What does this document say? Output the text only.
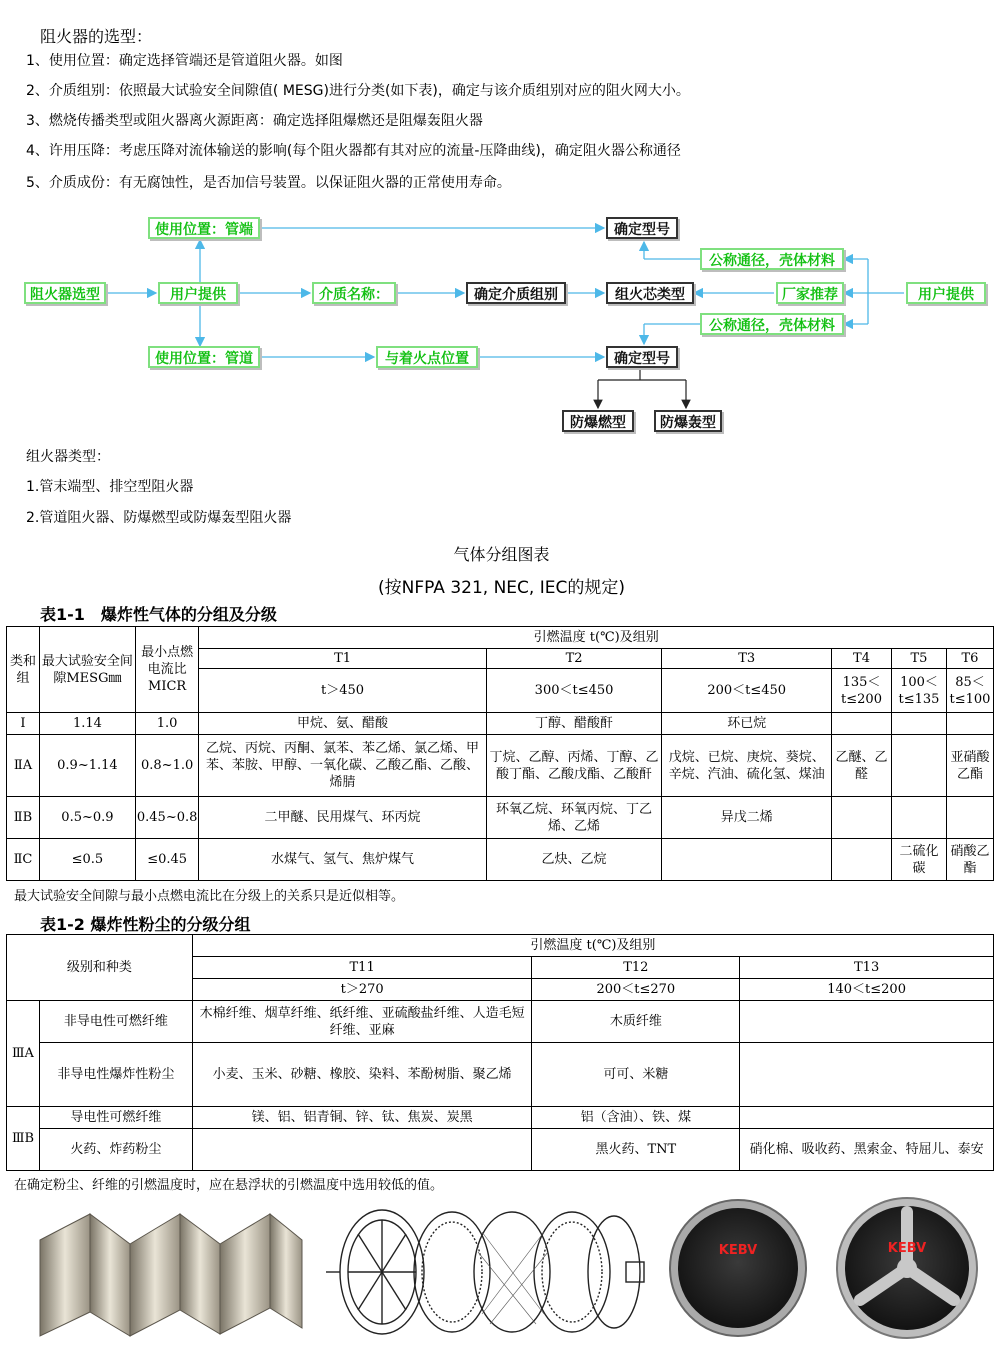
阻火器的选型：
1、使用位置：确定选择管端还是管道阻火器。如图
2、介质组别：依照最大试验安全间隙值( MESG)进行分类(如下表)，确定与该介质组别对应的阻火网大小。
3、燃烧传播类型或阻火器离火源距离：确定选择阻爆燃还是阻爆轰阻火器
4、许用压降：考虑压降对流体输送的影响(每个阻火器都有其对应的流量-压降曲线)，确定阻火器公称通径
5、介质成份：有无腐蚀性，是否加信号装置。以保证阻火器的正常使用寿命。
阻火器选型	用户提供
使用位置：管端
使用位置：管道
介质名称：	确定介质组别	组火芯类型
确定型号
确定型号
与着火点位置
公称通径，壳体材料
公称通径，壳体材料
厂家推荐	用户提供
防爆燃型	防爆轰型
组火器类型：
1.管末端型、排空型阻火器
2.管道阻火器、防爆燃型或防爆轰型阻火器
气体分组图表
(按NFPA 321, NEC, IEC的规定)
表1-1　爆炸性气体的分组及分级
类和组	最大试验安全间隙MESG㎜	最小点燃电流比MICR	引燃温度 t(℃)及组别					
			T1	T2	T3	T4	T5	T6
			t＞450	300＜t≤450	200＜t≤450	135＜t≤200	100＜t≤135	85＜t≤100
Ⅰ	1.14	1.0	甲烷、氨、醋酸	丁醇、醋酸酐	环已烷			
ⅡA	0.9~1.14	0.8~1.0	乙烷、丙烷、丙酮、氯苯、苯乙烯、氯乙烯、甲苯、苯胺、甲醇、一氧化碳、乙酸乙酯、乙酸、烯腈	丁烷、乙醇、丙烯、丁醇、乙酸丁酯、乙酸戊酯、乙酸酐	戊烷、已烷、庚烷、葵烷、辛烷、汽油、硫化氢、煤油	乙醚、乙醛		亚硝酸乙酯
ⅡB	0.5~0.9	0.45~0.8	二甲醚、民用煤气、环丙烷	环氧乙烷、环氧丙烷、丁乙烯、乙烯	异戊二烯			
ⅡC	≤0.5	≤0.45	水煤气、氢气、焦炉煤气	乙炔、乙烷			二硫化碳	硝酸乙酯
最大试验安全间隙与最小点燃电流比在分级上的关系只是近似相等。
表1-2 爆炸性粉尘的分级分组
级别和种类		引燃温度 t(℃)及组别		
		T11	T12	T13
		t＞270	200＜t≤270	140＜t≤200
ⅢA	非导电性可燃纤维	木棉纤维、烟草纤维、纸纤维、亚硫酸盐纤维、人造毛短纤维、亚麻	木质纤维	
	非导电性爆炸性粉尘	小麦、玉米、砂糖、橡胶、染料、苯酚树脂、聚乙烯	可可、米糖	
ⅢB	导电性可燃纤维	镁、铝、铝青铜、锌、钛、焦炭、炭黑	铝（含油）、铁、煤	
	火药、炸药粉尘		黑火药、TNT	硝化棉、吸收药、黑索金、特屈儿、泰安
在确定粉尘、纤维的引燃温度时，应在悬浮状的引燃温度中选用较低的值。
KEBV	KEBV
